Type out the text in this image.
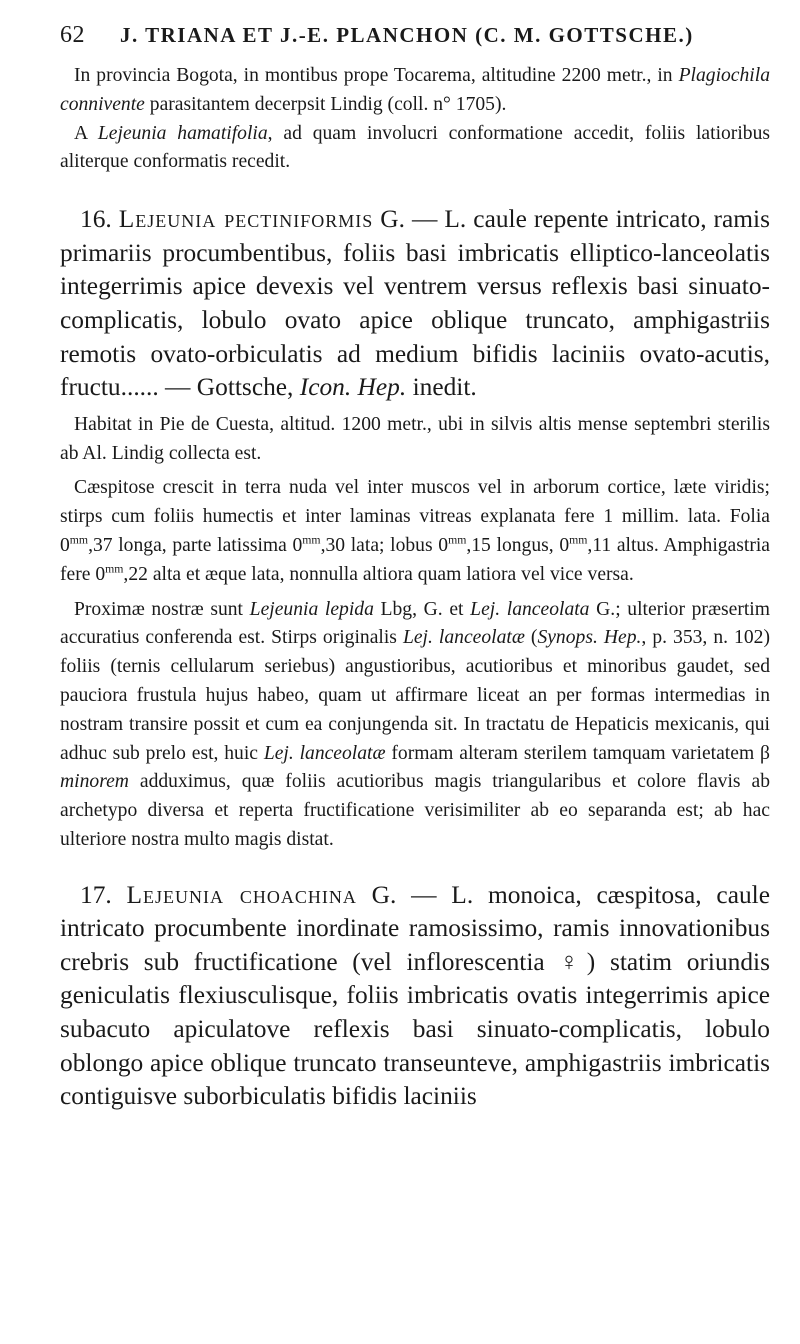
62	J. TRIANA ET J.-E. PLANCHON (C. M. GOTTSCHE.)

In provincia Bogota, in montibus prope Tocarema, altitudine 2200 metr., in Plagiochila connivente parasitantem decerpsit Lindig (coll. n° 1705).

A Lejeunia hamatifolia, ad quam involucri conformatione accedit, foliis latioribus aliterque conformatis recedit.

16. Lejeunia pectiniformis G. — L. caule repente intricato, ramis primariis procumbentibus, foliis basi imbricatis elliptico-lanceolatis integerrimis apice devexis vel ventrem versus reflexis basi sinuato-complicatis, lobulo ovato apice oblique truncato, amphigastriis remotis ovato-orbiculatis ad medium bifidis laciniis ovato-acutis, fructu...... — Gottsche, Icon. Hep. inedit.

Habitat in Pie de Cuesta, altitud. 1200 metr., ubi in silvis altis mense septembri sterilis ab Al. Lindig collecta est.

Cæspitose crescit in terra nuda vel inter muscos vel in arborum cortice, læte viridis; stirps cum foliis humectis et inter laminas vitreas explanata fere 1 millim. lata. Folia $0^{mm},37$ longa, parte latissima $0^{mm},30$ lata; lobus $0^{mm},15$ longus, $0^{mm},11$ altus. Amphigastria fere $0^{mm},22$ alta et æque lata, nonnulla altiora quam latiora vel vice versa.

Proximæ nostræ sunt Lejeunia lepida Lbg, G. et Lej. lanceolata G.; ulterior præsertim accuratius conferenda est. Stirps originalis Lej. lanceolatæ (Synops. Hep., p. 353, n. 102) foliis (ternis cellularum seriebus) angustioribus, acutioribus et minoribus gaudet, sed pauciora frustula hujus habeo, quam ut affirmare liceat an per formas intermedias in nostram transire possit et cum ea conjungenda sit. In tractatu de Hepaticis mexicanis, qui adhuc sub prelo est, huic Lej. lanceolatæ formam alteram sterilem tamquam varietatem β minorem adduximus, quæ foliis acutioribus magis triangularibus et colore flavis ab archetypo diversa et reperta fructificatione verisimiliter ab eo separanda est; ab hac ulteriore nostra multo magis distat.

17. Lejeunia choachina G. — L. monoica, cæspitosa, caule intricato procumbente inordinate ramosissimo, ramis innovationibus crebris sub fructificatione (vel inflorescentia ♀) statim oriundis geniculatis flexiusculisque, foliis imbricatis ovatis integerrimis apice subacuto apiculatove reflexis basi sinuato-complicatis, lobulo oblongo apice oblique truncato transeunteve, amphigastriis imbricatis contiguisve suborbiculatis bifidis laciniis
